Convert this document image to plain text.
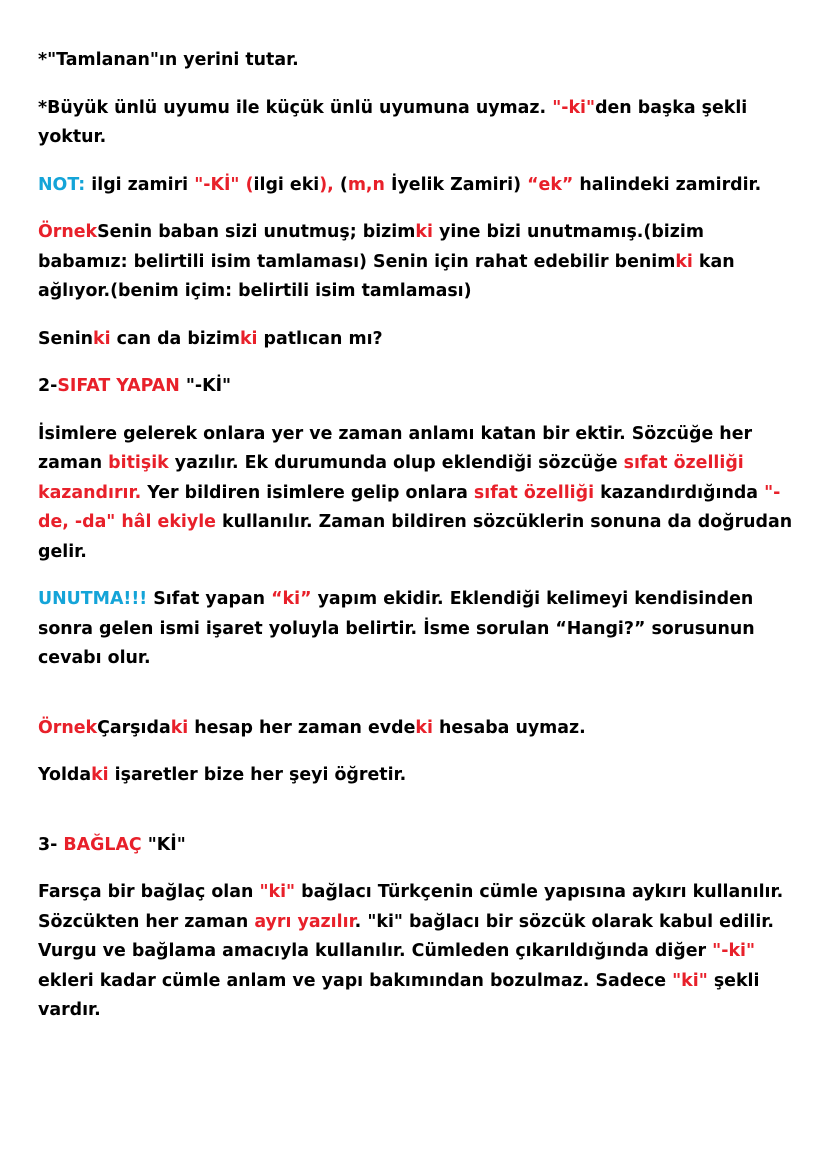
*"Tamlanan"ın yerini tutar.

*Büyük ünlü uyumu ile küçük ünlü uyumuna uymaz. "-ki"den başka şekli yoktur.

NOT: ilgi zamiri "-Kİ" (ilgi eki), (m,n İyelik Zamiri) “ek” halindeki zamirdir.

ÖrnekSenin baban sizi unutmuş; bizimki yine bizi unutmamış.(bizim babamız: belirtili isim tamlaması) Senin için rahat edebilir benimki kan ağlıyor.(benim içim: belirtili isim tamlaması)

Seninki can da bizimki patlıcan mı?

2-SIFAT YAPAN "-Kİ"

İsimlere gelerek onlara yer ve zaman anlamı katan bir ektir. Sözcüğe her zaman bitişik yazılır. Ek durumunda olup eklendiği sözcüğe sıfat özelliği kazandırır. Yer bildiren isimlere gelip onlara sıfat özelliği kazandırdığında "-de, -da" hâl ekiyle kullanılır. Zaman bildiren sözcüklerin sonuna da doğrudan gelir.

UNUTMA!!! Sıfat yapan “ki” yapım ekidir. Eklendiği kelimeyi kendisinden sonra gelen ismi işaret yoluyla belirtir. İsme sorulan “Hangi?” sorusunun cevabı olur.

ÖrnekÇarşıdaki hesap her zaman evdeki hesaba uymaz.

Yoldaki işaretler bize her şeyi öğretir.

3- BAĞLAÇ "Kİ"

Farsça bir bağlaç olan "ki" bağlacı Türkçenin cümle yapısına aykırı kullanılır. Sözcükten her zaman ayrı yazılır. "ki" bağlacı bir sözcük olarak kabul edilir. Vurgu ve bağlama amacıyla kullanılır. Cümleden çıkarıldığında diğer "-ki" ekleri kadar cümle anlam ve yapı bakımından bozulmaz. Sadece "ki" şekli vardır.
